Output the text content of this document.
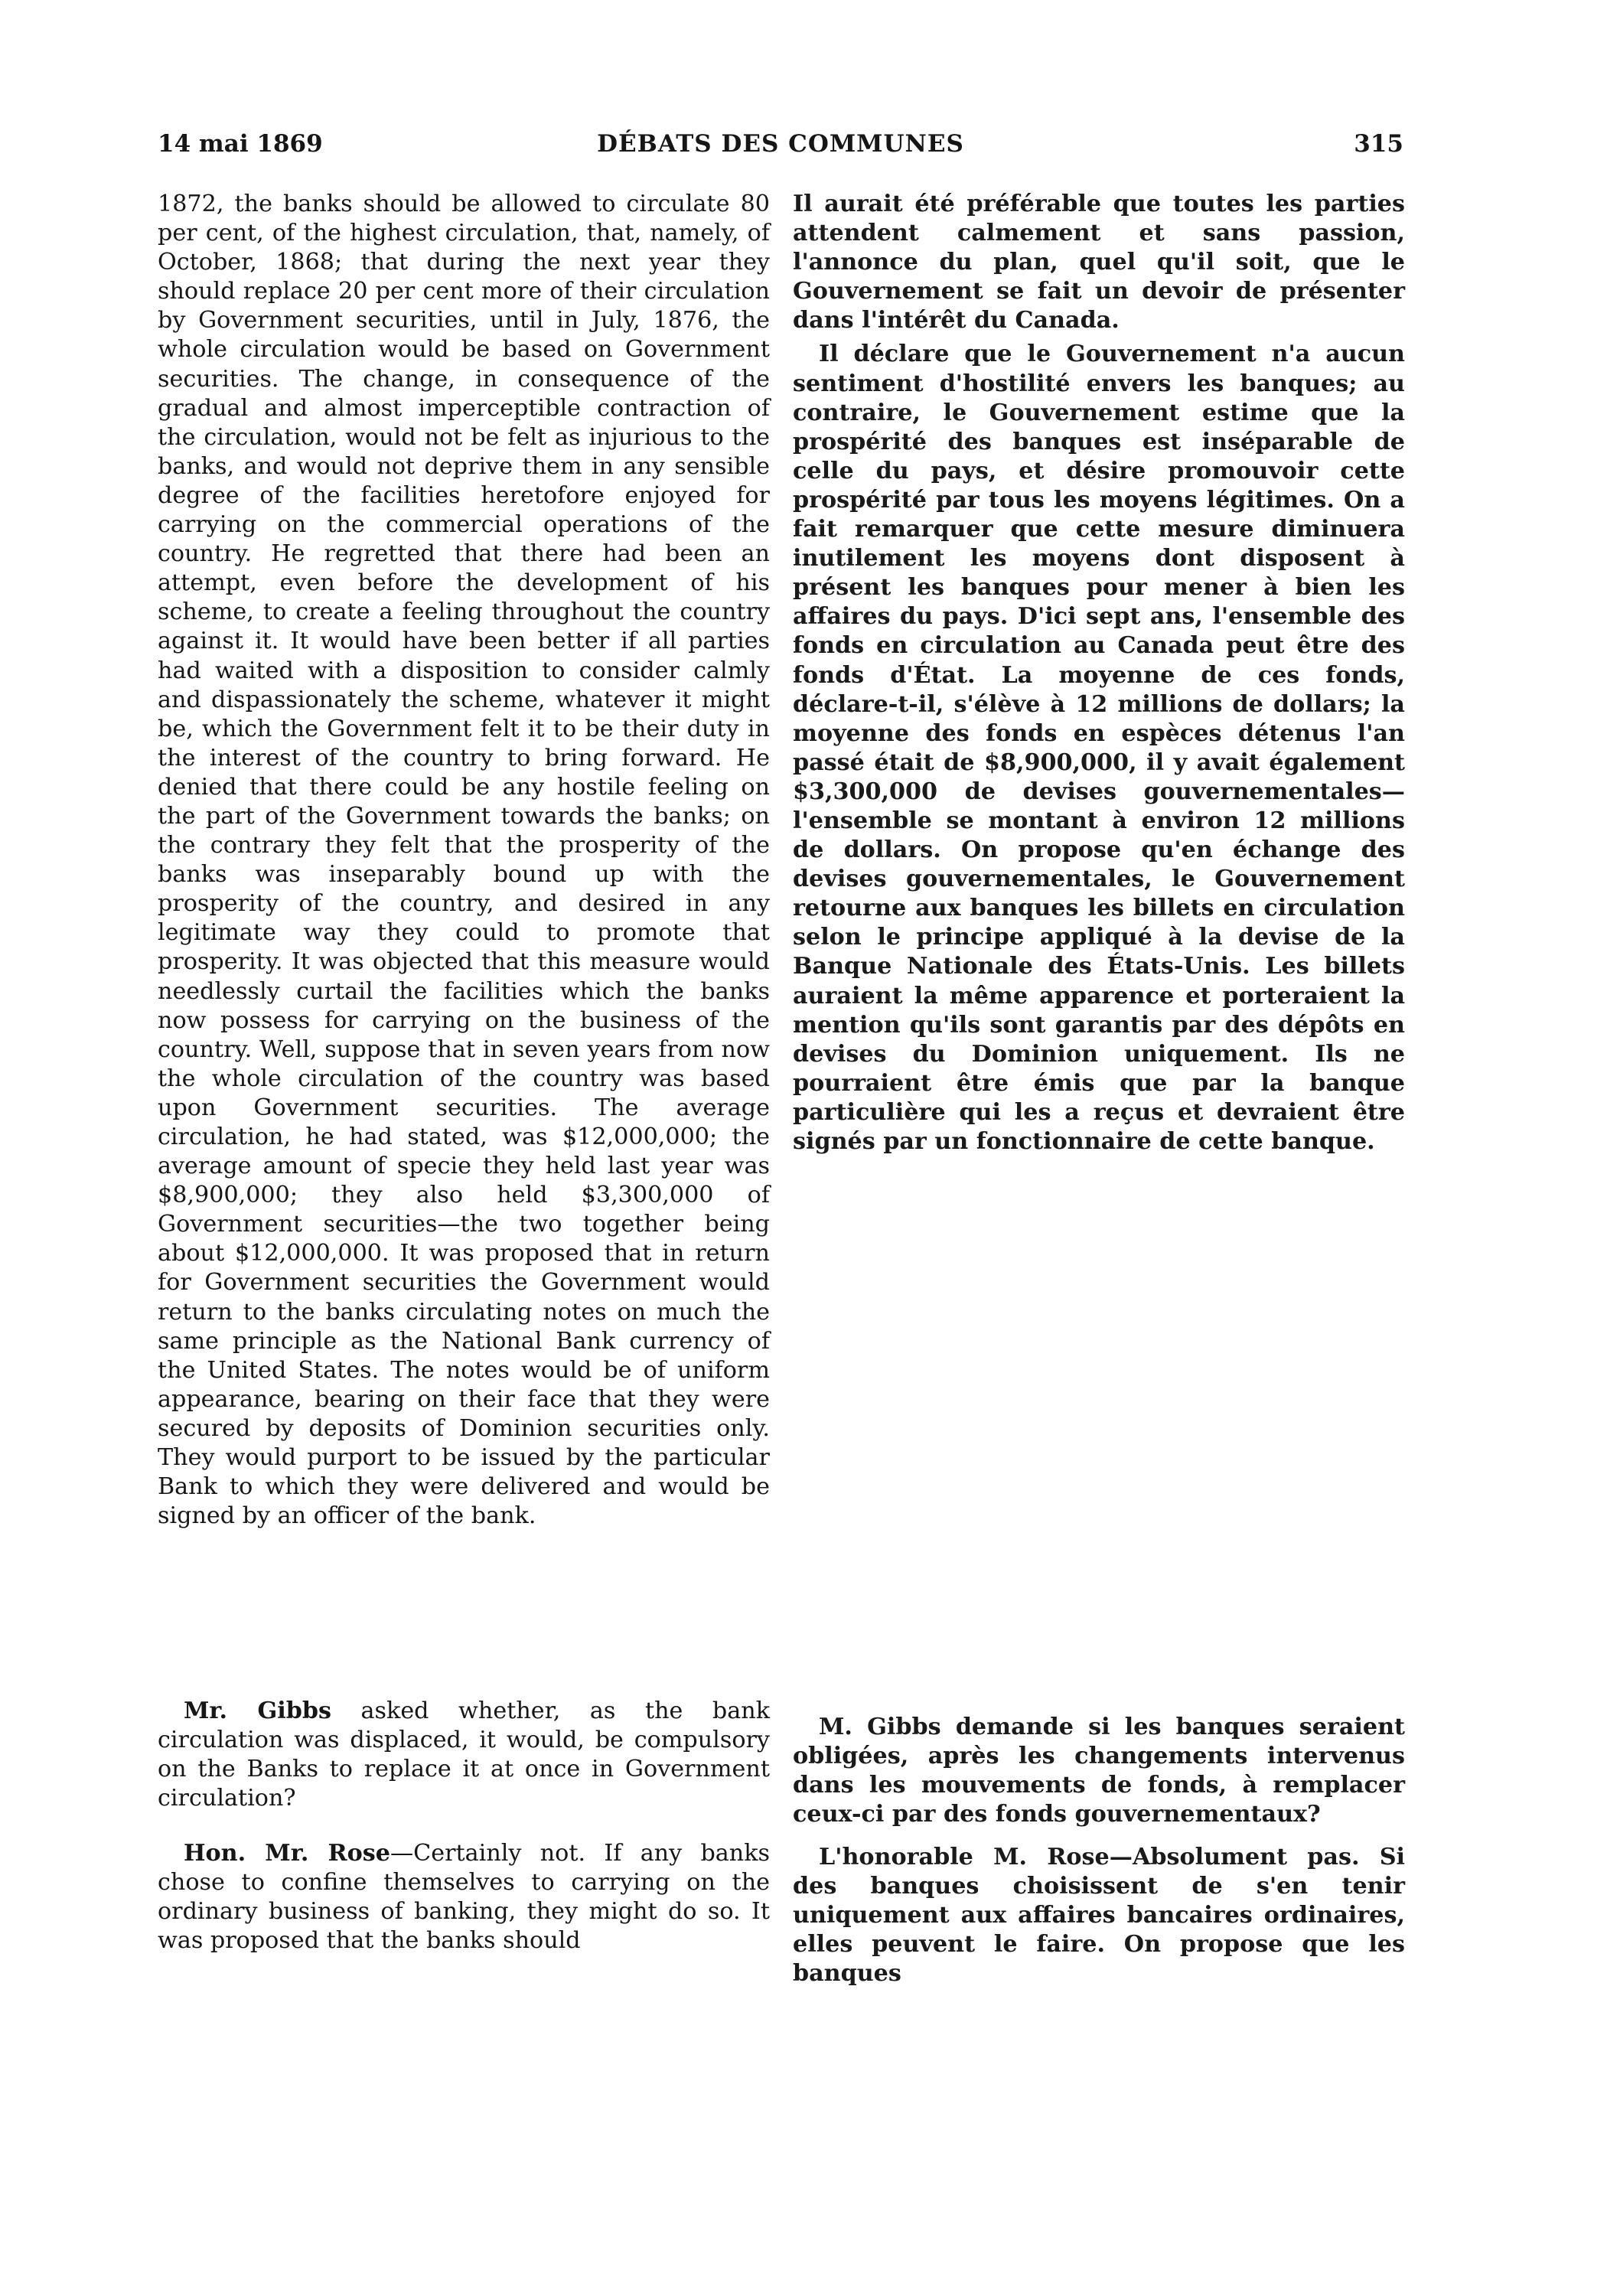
14 mai 1869	DÉBATS DES COMMUNES	315

1872, the banks should be allowed to circulate 80 per cent, of the highest circulation, that, namely, of October, 1868; that during the next year they should replace 20 per cent more of their circulation by Government securities, until in July, 1876, the whole circulation would be based on Government securities. The change, in consequence of the gradual and almost imperceptible contraction of the circulation, would not be felt as injurious to the banks, and would not deprive them in any sensible degree of the facilities heretofore enjoyed for carrying on the commercial operations of the country. He regretted that there had been an attempt, even before the development of his scheme, to create a feeling throughout the country against it. It would have been better if all parties had waited with a disposition to consider calmly and dispassionately the scheme, whatever it might be, which the Government felt it to be their duty in the interest of the country to bring forward. He denied that there could be any hostile feeling on the part of the Government towards the banks; on the contrary they felt that the prosperity of the banks was inseparably bound up with the prosperity of the country, and desired in any legitimate way they could to promote that prosperity. It was objected that this measure would needlessly curtail the facilities which the banks now possess for carrying on the business of the country. Well, suppose that in seven years from now the whole circulation of the country was based upon Government securities. The average circulation, he had stated, was $12,000,000; the average amount of specie they held last year was $8,900,000; they also held $3,300,000 of Government securities—the two together being about $12,000,000. It was proposed that in return for Government securities the Government would return to the banks circulating notes on much the same principle as the National Bank currency of the United States. The notes would be of uniform appearance, bearing on their face that they were secured by deposits of Dominion securities only. They would purport to be issued by the particular Bank to which they were delivered and would be signed by an officer of the bank.

Mr. Gibbs asked whether, as the bank circulation was displaced, it would, be compulsory on the Banks to replace it at once in Government circulation?

Hon. Mr. Rose—Certainly not. If any banks chose to confine themselves to carrying on the ordinary business of banking, they might do so. It was proposed that the banks should

Il aurait été préférable que toutes les parties attendent calmement et sans passion, l'annonce du plan, quel qu'il soit, que le Gouvernement se fait un devoir de présenter dans l'intérêt du Canada.

Il déclare que le Gouvernement n'a aucun sentiment d'hostilité envers les banques; au contraire, le Gouvernement estime que la prospérité des banques est inséparable de celle du pays, et désire promouvoir cette prospérité par tous les moyens légitimes. On a fait remarquer que cette mesure diminuera inutilement les moyens dont disposent à présent les banques pour mener à bien les affaires du pays. D'ici sept ans, l'ensemble des fonds en circulation au Canada peut être des fonds d'État. La moyenne de ces fonds, déclare-t-il, s'élève à 12 millions de dollars; la moyenne des fonds en espèces détenus l'an passé était de $8,900,000, il y avait également $3,300,000 de devises gouvernementales—l'ensemble se montant à environ 12 millions de dollars. On propose qu'en échange des devises gouvernementales, le Gouvernement retourne aux banques les billets en circulation selon le principe appliqué à la devise de la Banque Nationale des États-Unis. Les billets auraient la même apparence et porteraient la mention qu'ils sont garantis par des dépôts en devises du Dominion uniquement. Ils ne pourraient être émis que par la banque particulière qui les a reçus et devraient être signés par un fonctionnaire de cette banque.

M. Gibbs demande si les banques seraient obligées, après les changements intervenus dans les mouvements de fonds, à remplacer ceux-ci par des fonds gouvernementaux?

L'honorable M. Rose—Absolument pas. Si des banques choisissent de s'en tenir uniquement aux affaires bancaires ordinaires, elles peuvent le faire. On propose que les banques
